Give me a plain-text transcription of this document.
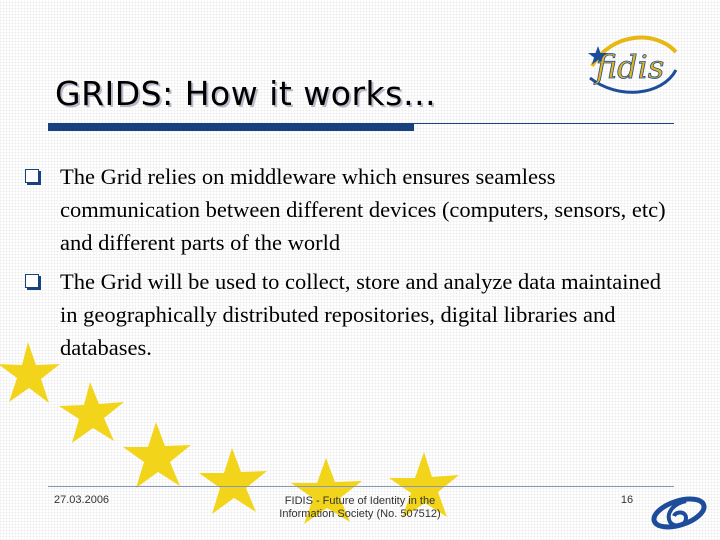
GRIDS: How it works…
fidis
The Grid relies on middleware which ensures seamless communication between different devices (computers, sensors, etc) and different parts of the world
The Grid will be used to collect, store and analyze data maintained in geographically distributed repositories, digital libraries and databases.
27.03.2006	FIDIS - Future of Identity in the
Information Society (No. 507512)
16
